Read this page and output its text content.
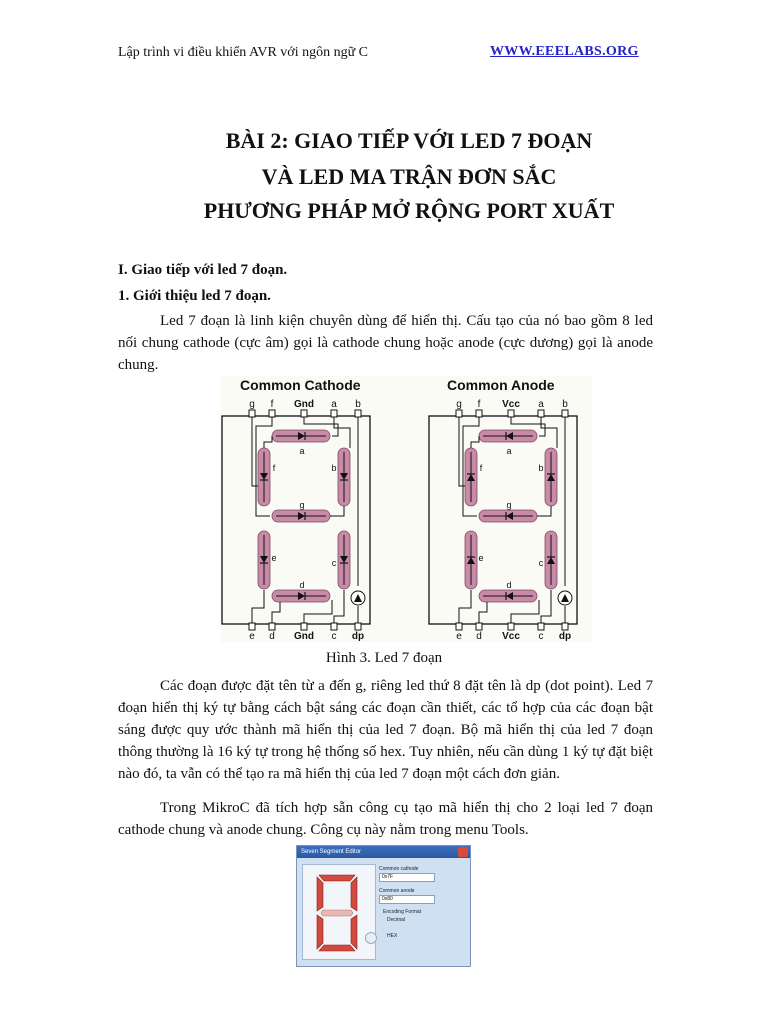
Lập trình vi điều khiển AVR với ngôn ngữ C	WWW.EEELABS.ORG
BÀI 2: GIAO TIẾP VỚI LED 7 ĐOẠN
VÀ LED MA TRẬN ĐƠN SẮC
PHƯƠNG PHÁP MỞ RỘNG PORT XUẤT
I. Giao tiếp với led 7 đoạn.
1. Giới thiệu led 7 đoạn.
Led 7 đoạn là linh kiện chuyên dùng để hiển thị. Cấu tạo của nó bao gồm 8 led nối chung cathode (cực âm) gọi là cathode chung hoặc anode (cực dương) gọi là anode chung.
Common Cathode
g f Gnd a b
e d Gnd c dp
a
g
d
f	b
e	c
Common Anode
g f Vcc a b
e d Vcc c dp
a
g
d
f	b
e	c
Hình 3. Led 7 đoạn
Các đoạn được đặt tên từ a đến g, riêng led thứ 8 đặt tên là dp (dot point). Led 7 đoạn hiển thị ký tự bằng cách bật sáng các đoạn cần thiết, các tổ hợp của các đoạn bật sáng được quy ước thành mã hiển thị của led 7 đoạn. Bộ mã hiển thị của led 7 đoạn thông thường là 16 ký tự trong hệ thống số hex. Tuy nhiên, nếu cần dùng 1 ký tự đặt biệt nào đó, ta vẫn có thể tạo ra mã hiển thị của led 7 đoạn một cách đơn giản.
Trong MikroC đã tích hợp sẵn công cụ tạo mã hiển thị cho 2 loại led 7 đoạn cathode chung và anode chung. Công cụ này nằm trong menu Tools.
Seven Segment Editor
Common cathode
0x7F
Common anode
0x80
Encoding Format
Decimal
HEX
